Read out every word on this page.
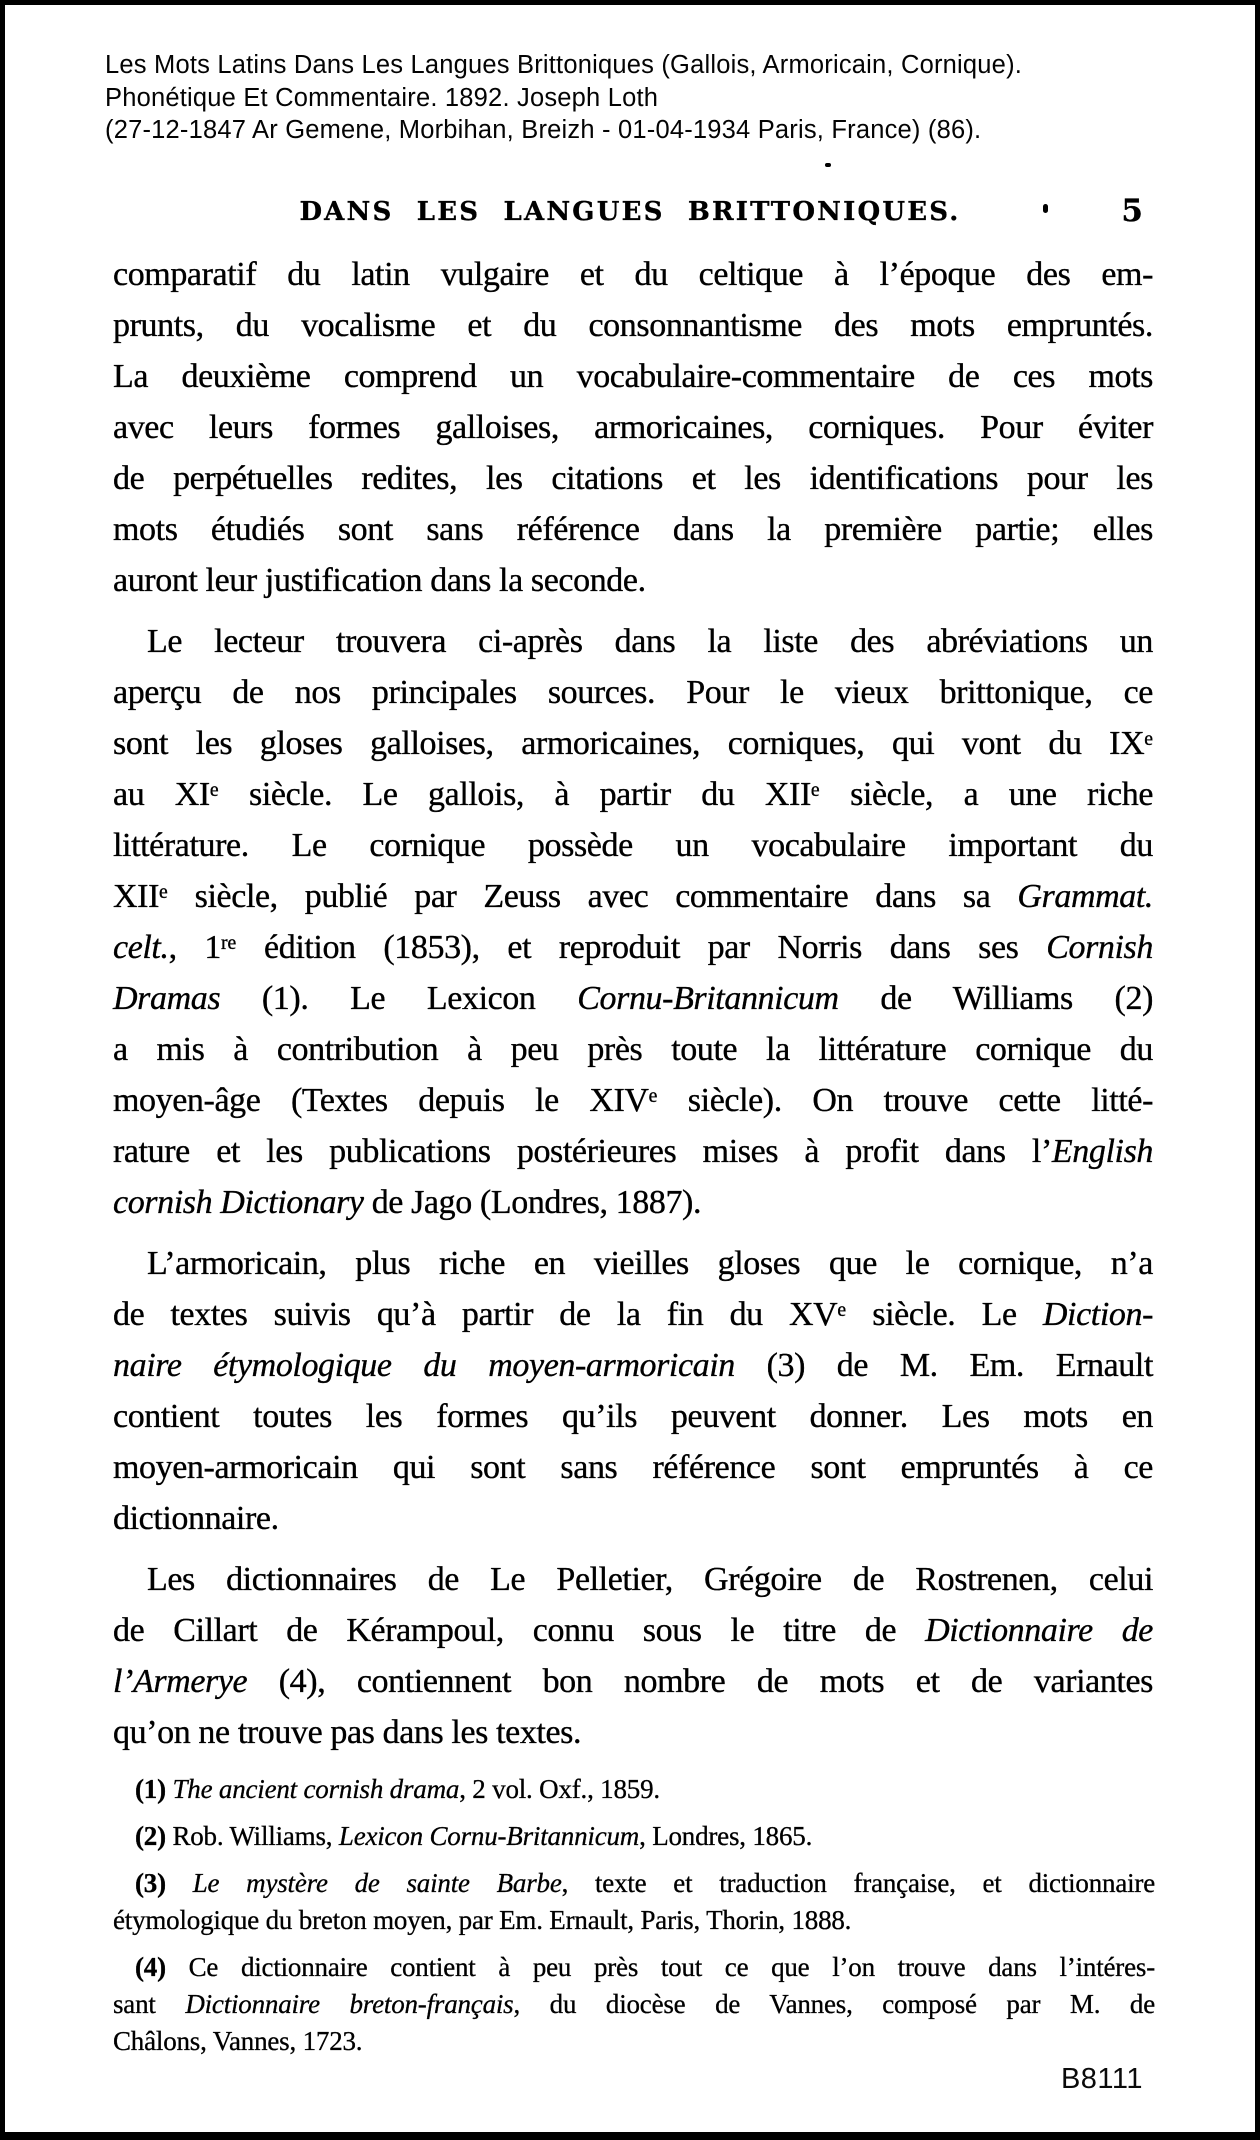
Les Mots Latins Dans Les Langues Brittoniques (Gallois, Armoricain, Cornique).
Phonétique Et Commentaire. 1892. Joseph Loth
(27-12-1847 Ar Gemene, Morbihan, Breizh - 01-04-1934 Paris, France) (86).
DANS LES LANGUES BRITTONIQUES.	5
comparatif du latin vulgaire et du celtique à l’époque des em-
prunts, du vocalisme et du consonnantisme des mots empruntés.
La deuxième comprend un vocabulaire-commentaire de ces mots
avec leurs formes galloises, armoricaines, corniques. Pour éviter
de perpétuelles redites, les citations et les identifications pour les
mots étudiés sont sans référence dans la première partie; elles
auront leur justification dans la seconde.
Le lecteur trouvera ci-après dans la liste des abréviations un
aperçu de nos principales sources. Pour le vieux brittonique, ce
sont les gloses galloises, armoricaines, corniques, qui vont du IXe
au XIe siècle. Le gallois, à partir du XIIe siècle, a une riche
littérature. Le cornique possède un vocabulaire important du
XIIe siècle, publié par Zeuss avec commentaire dans sa Grammat.
celt., 1re édition (1853), et reproduit par Norris dans ses Cornish
Dramas (1). Le Lexicon Cornu-Britannicum de Williams (2)
a mis à contribution à peu près toute la littérature cornique du
moyen-âge (Textes depuis le XIVe siècle). On trouve cette litté-
rature et les publications postérieures mises à profit dans l’English
cornish Dictionary de Jago (Londres, 1887).
L’armoricain, plus riche en vieilles gloses que le cornique, n’a
de textes suivis qu’à partir de la fin du XVe siècle. Le Diction-
naire étymologique du moyen-armoricain (3) de M. Em. Ernault
contient toutes les formes qu’ils peuvent donner. Les mots en
moyen-armoricain qui sont sans référence sont empruntés à ce
dictionnaire.
Les dictionnaires de Le Pelletier, Grégoire de Rostrenen, celui
de Cillart de Kérampoul, connu sous le titre de Dictionnaire de
l’Armerye (4), contiennent bon nombre de mots et de variantes
qu’on ne trouve pas dans les textes.
(1) The ancient cornish drama, 2 vol. Oxf., 1859.
(2) Rob. Williams, Lexicon Cornu-Britannicum, Londres, 1865.
(3) Le mystère de sainte Barbe, texte et traduction française, et dictionnaire
étymologique du breton moyen, par Em. Ernault, Paris, Thorin, 1888.
(4) Ce dictionnaire contient à peu près tout ce que l’on trouve dans l’intéres-
sant Dictionnaire breton-français, du diocèse de Vannes, composé par M. de
Châlons, Vannes, 1723.
B8111
